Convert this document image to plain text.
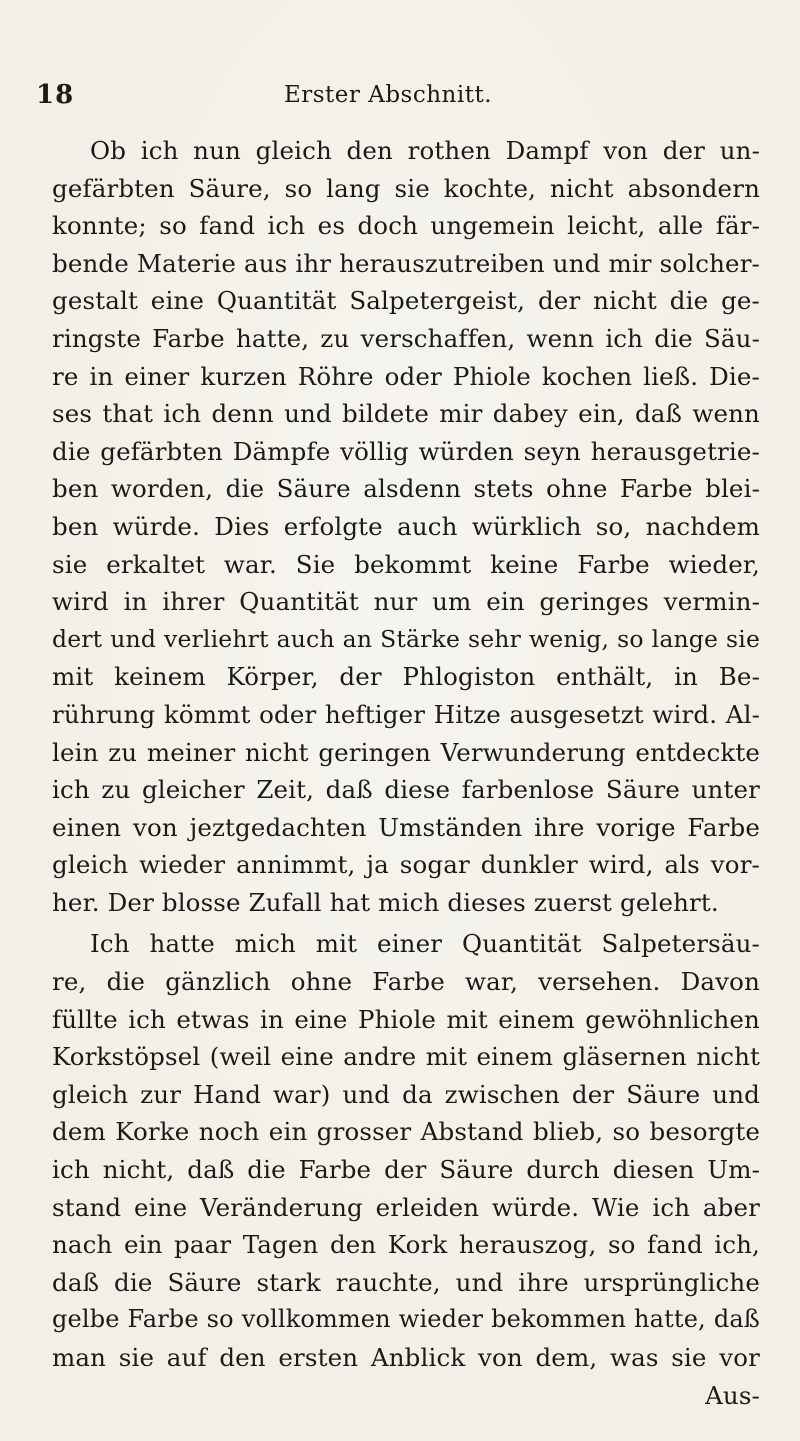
18	Erster Abschnitt.
Ob ich nun gleich den rothen Dampf von der un-
gefärbten Säure, so lang sie kochte, nicht absondern
konnte; so fand ich es doch ungemein leicht, alle fär-
bende Materie aus ihr herauszutreiben und mir solcher-
gestalt eine Quantität Salpetergeist, der nicht die ge-
ringste Farbe hatte, zu verschaffen, wenn ich die Säu-
re in einer kurzen Röhre oder Phiole kochen ließ. Die-
ses that ich denn und bildete mir dabey ein, daß wenn
die gefärbten Dämpfe völlig würden seyn herausgetrie-
ben worden, die Säure alsdenn stets ohne Farbe blei-
ben würde. Dies erfolgte auch würklich so, nachdem
sie erkaltet war. Sie bekommt keine Farbe wieder,
wird in ihrer Quantität nur um ein geringes vermin-
dert und verliehrt auch an Stärke sehr wenig, so lange sie
mit keinem Körper, der Phlogiston enthält, in Be-
rührung kömmt oder heftiger Hitze ausgesetzt wird. Al-
lein zu meiner nicht geringen Verwunderung entdeckte
ich zu gleicher Zeit, daß diese farbenlose Säure unter
einen von jeztgedachten Umständen ihre vorige Farbe
gleich wieder annimmt, ja sogar dunkler wird, als vor-
her. Der blosse Zufall hat mich dieses zuerst gelehrt.
Ich hatte mich mit einer Quantität Salpetersäu-
re, die gänzlich ohne Farbe war, versehen. Davon
füllte ich etwas in eine Phiole mit einem gewöhnlichen
Korkstöpsel (weil eine andre mit einem gläsernen nicht
gleich zur Hand war) und da zwischen der Säure und
dem Korke noch ein grosser Abstand blieb, so besorgte
ich nicht, daß die Farbe der Säure durch diesen Um-
stand eine Veränderung erleiden würde. Wie ich aber
nach ein paar Tagen den Kork herauszog, so fand ich,
daß die Säure stark rauchte, und ihre ursprüngliche
gelbe Farbe so vollkommen wieder bekommen hatte, daß
man sie auf den ersten Anblick von dem, was sie vor
Aus-
